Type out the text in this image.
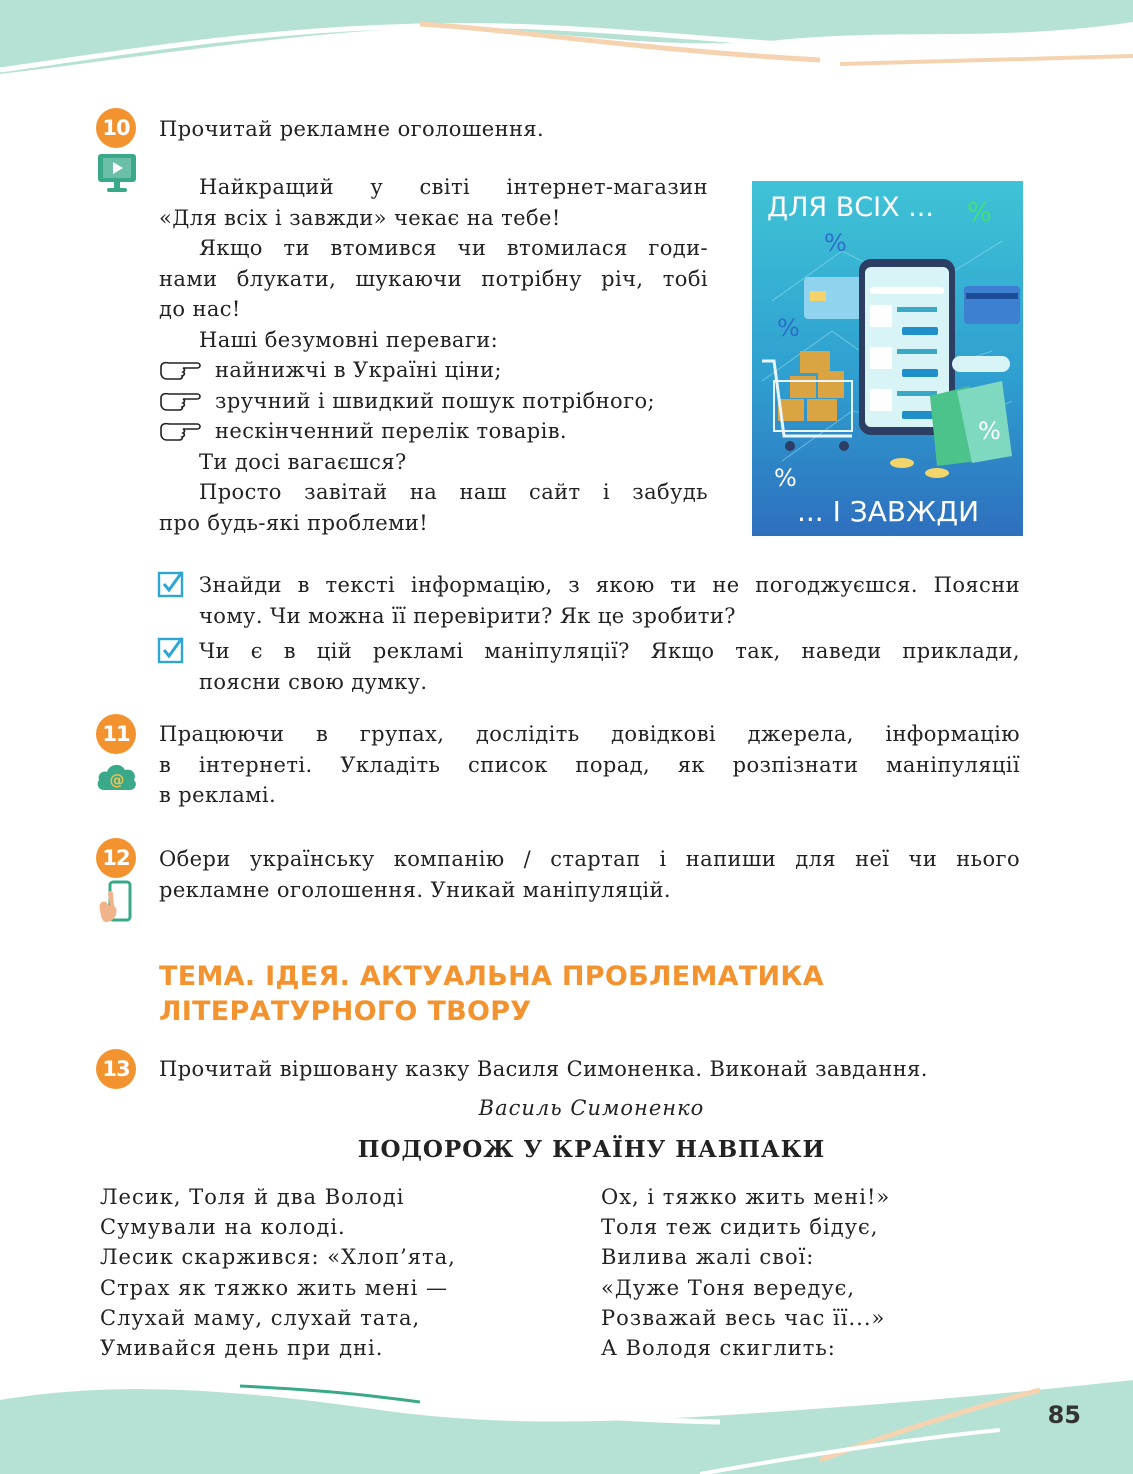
10	Прочитай рекламне оголошення.
Найкращий у світі інтернет-магазин
«Для всіх і завжди» чекає на тебе!
Якщо ти втомився чи втомилася годи-
нами блукати, шукаючи потрібну річ, тобі
до нас!
Наші безумовні переваги:
найнижчі в Україні ціни;
зручний і швидкий пошук потрібного;
нескінченний перелік товарів.
Ти досі вагаєшся?
Просто завітай на наш сайт і забудь
про будь-які проблеми!
ДЛЯ ВСІХ ... %
%
%
%
%
... І ЗАВЖДИ
Знайди в тексті інформацію, з якою ти не погоджуєшся. Поясни
чому. Чи можна її перевірити? Як це зробити?
Чи є в цій рекламі маніпуляції? Якщо так, наведи приклади,
поясни свою думку.
11
@
Працюючи в групах, дослідіть довідкові джерела, інформацію
в інтернеті. Укладіть список порад, як розпізнати маніпуляції
в рекламі.
12	Обери українську компанію / стартап і напиши для неї чи нього
рекламне оголошення. Уникай маніпуляцій.
ТЕМА. ІДЕЯ. АКТУАЛЬНА ПРОБЛЕМАТИКА
ЛІТЕРАТУРНОГО ТВОРУ
13	Прочитай віршовану казку Василя Симоненка. Виконай завдання.
Василь Симоненко
ПОДОРОЖ У КРАЇНУ НАВПАКИ
Лесик, Толя й два Володі
Сумували на колоді.
Лесик скаржився: «Хлоп’ята,
Страх як тяжко жить мені —
Слухай маму, слухай тата,
Умивайся день при дні.
Ох, і тяжко жить мені!»
Толя теж сидить бідує,
Вилива жалі свої:
«Дуже Тоня вередує,
Розважай весь час її...»
А Володя скиглить:
85
